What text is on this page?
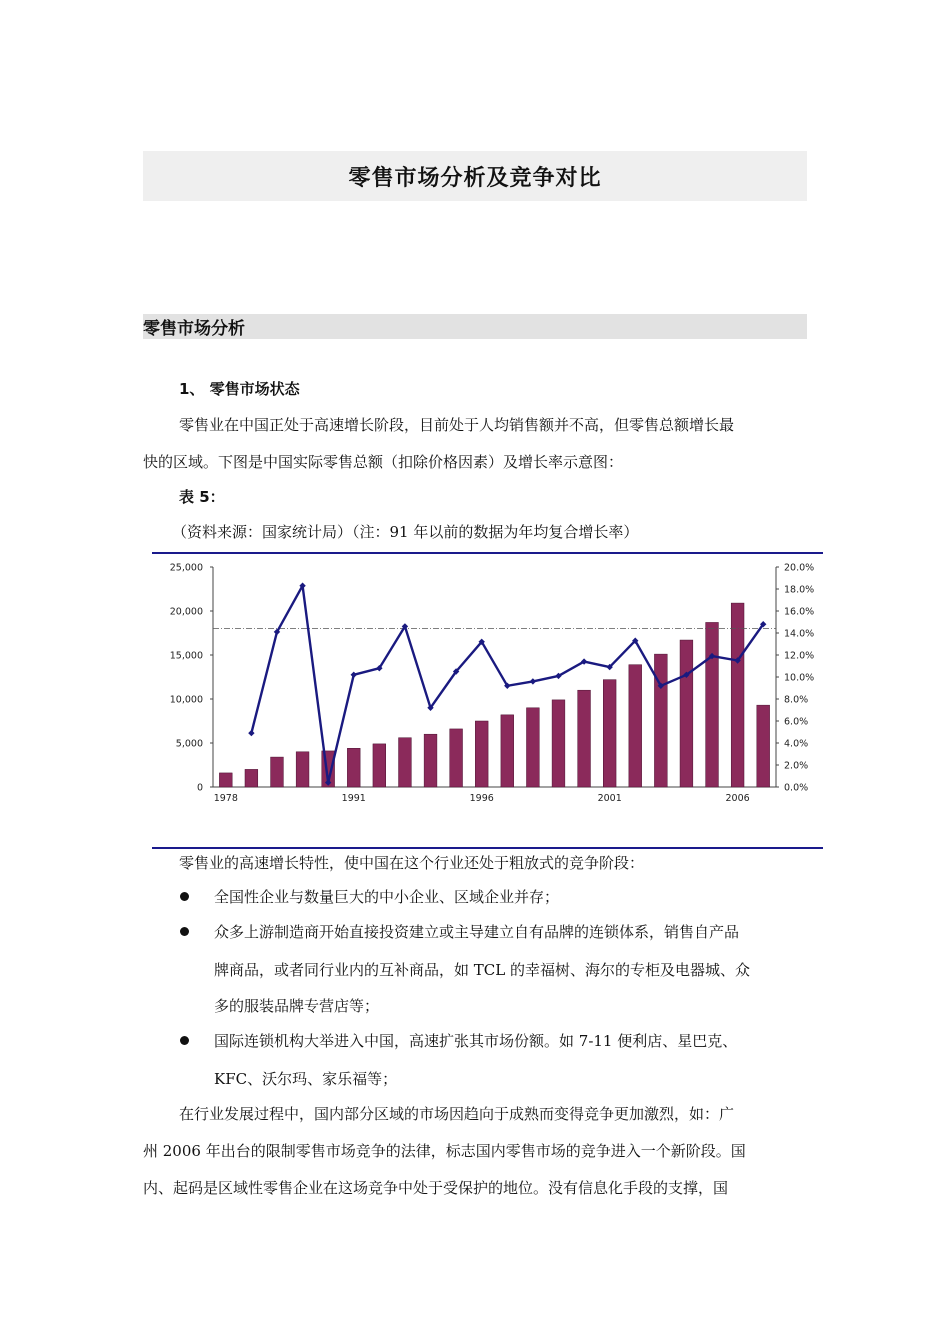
零售市场分析及竞争对比
零售市场分析
1、 零售市场状态
零售业在中国正处于高速增长阶段，目前处于人均销售额并不高，但零售总额增长最
快的区域。下图是中国实际零售总额（扣除价格因素）及增长率示意图：
表 5：
（资料来源：国家统计局）（注：91 年以前的数据为年均复合增长率）
0
5,000
10,000
15,000
20,000
25,000
0.0%
2.0%
4.0%
6.0%
8.0%
10.0%
12.0%
14.0%
16.0%
18.0%
20.0%
1978	1991	1996	2001	2006
零售业的高速增长特性，使中国在这个行业还处于粗放式的竞争阶段：
全国性企业与数量巨大的中小企业、区域企业并存；
众多上游制造商开始直接投资建立或主导建立自有品牌的连锁体系，销售自产品
牌商品，或者同行业内的互补商品，如 TCL 的幸福树、海尔的专柜及电器城、众
多的服装品牌专营店等；
国际连锁机构大举进入中国，高速扩张其市场份额。如 7-11 便利店、星巴克、
KFC、沃尔玛、家乐福等；
在行业发展过程中，国内部分区域的市场因趋向于成熟而变得竞争更加激烈，如：广
州 2006 年出台的限制零售市场竞争的法律，标志国内零售市场的竞争进入一个新阶段。国
内、起码是区域性零售企业在这场竞争中处于受保护的地位。没有信息化手段的支撑，国
